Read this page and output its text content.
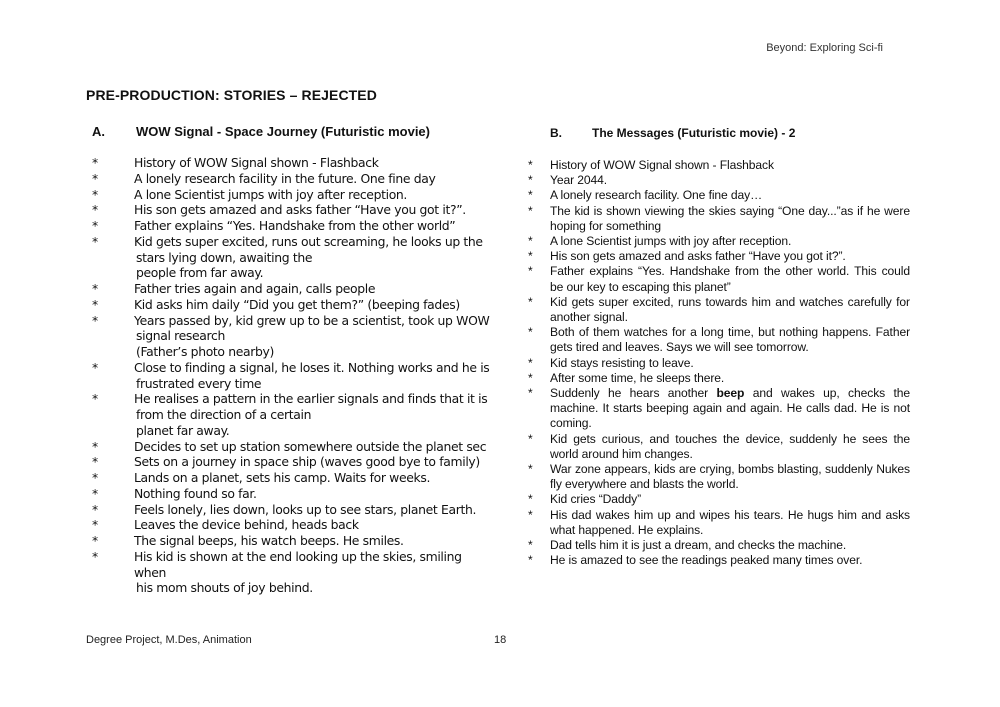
Beyond: Exploring Sci-fi
PRE-PRODUCTION: STORIES – REJECTED
A.	WOW Signal - Space Journey (Futuristic movie)
*	History of WOW Signal shown - Flashback
*	A lonely research facility in the future. One fine day
*	A lone Scientist jumps with joy after reception.
*	His son gets amazed and asks father “Have you got it?”.
*	Father explains “Yes. Handshake from the other world”
*	Kid gets super excited, runs out screaming, he looks up the
stars lying down, awaiting the
people from far away.
*	Father tries again and again, calls people
*	Kid asks him daily “Did you get them?” (beeping fades)
*	Years passed by, kid grew up to be a scientist, took up WOW
signal research
(Father’s photo nearby)
*	Close to finding a signal, he loses it. Nothing works and he is
frustrated every time
*	He realises a pattern in the earlier signals and finds that it is
from the direction of a certain
planet far away.
*	Decides to set up station somewhere outside the planet sec
*	Sets on a journey in space ship (waves good bye to family)
*	Lands on a planet, sets his camp. Waits for weeks.
*	Nothing found so far.
*	Feels lonely, lies down, looks up to see stars, planet Earth.
*	Leaves the device behind, heads back
*	The signal beeps, his watch beeps. He smiles.
*	His kid is shown at the end looking up the skies, smiling when
his mom shouts of joy behind.
B.	The Messages (Futuristic movie) - 2
* History of WOW Signal shown - Flashback
* Year 2044.
* A lonely research facility. One fine day…
* The kid is shown viewing the skies saying “One day...”as if he were hoping for something
* A lone Scientist jumps with joy after reception.
* His son gets amazed and asks father “Have you got it?”.
* Father explains “Yes. Handshake from the other world. This could be our key to escaping this planet”
* Kid gets super excited, runs towards him and watches carefully for another signal.
* Both of them watches for a long time, but nothing happens. Father gets tired and leaves. Says we will see tomorrow.
* Kid stays resisting to leave.
* After some time, he sleeps there.
* Suddenly he hears another beep and wakes up, checks the machine. It starts beeping again and again. He calls dad. He is not coming.
* Kid gets curious, and touches the device, suddenly he sees the world around him changes.
* War zone appears, kids are crying, bombs blasting, suddenly Nukes fly everywhere and blasts the world.
* Kid cries “Daddy”
* His dad wakes him up and wipes his tears. He hugs him and asks what happened. He explains.
* Dad tells him it is just a dream, and checks the machine.
* He is amazed to see the readings peaked many times over.
Degree Project, M.Des, Animation	18
